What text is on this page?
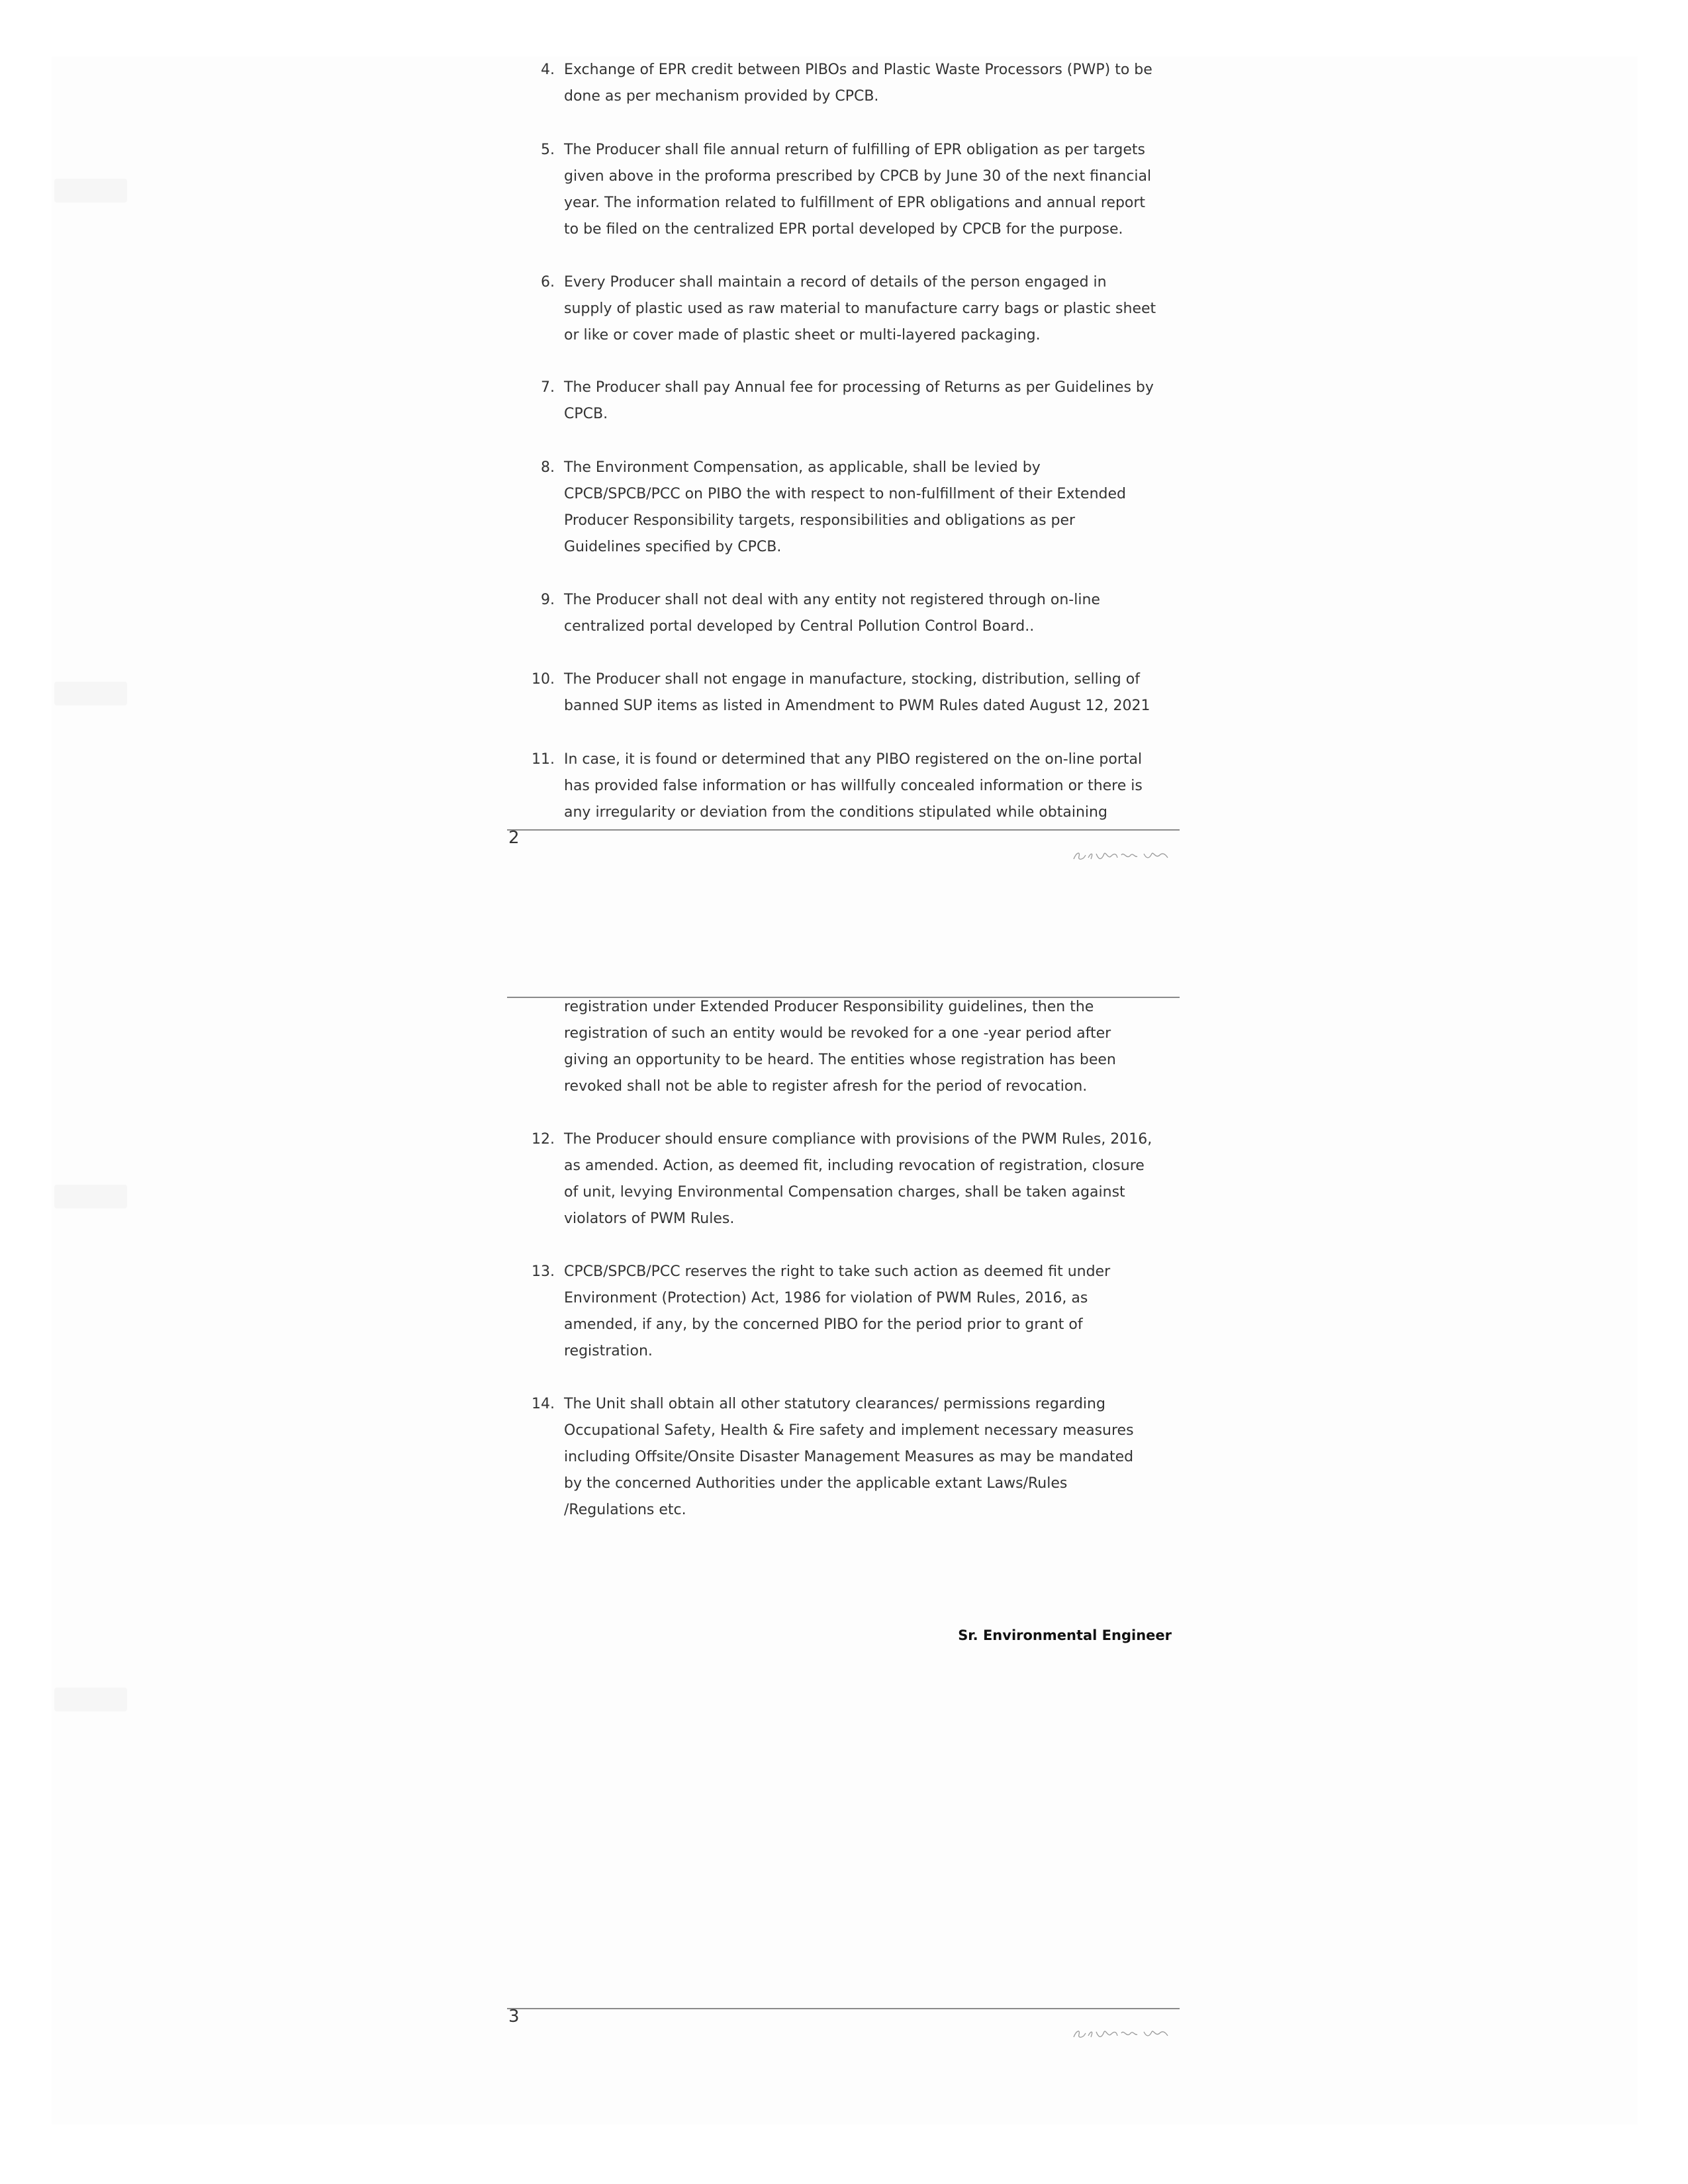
4. Exchange of EPR credit between PIBOs and Plastic Waste Processors (PWP) to be
done as per mechanism provided by CPCB.
5. The Producer shall file annual return of fulfilling of EPR obligation as per targets
given above in the proforma prescribed by CPCB by June 30 of the next financial
year. The information related to fulfillment of EPR obligations and annual report
to be filed on the centralized EPR portal developed by CPCB for the purpose.
6. Every Producer shall maintain a record of details of the person engaged in
supply of plastic used as raw material to manufacture carry bags or plastic sheet
or like or cover made of plastic sheet or multi-layered packaging.
7. The Producer shall pay Annual fee for processing of Returns as per Guidelines by
CPCB.
8. The Environment Compensation, as applicable, shall be levied by
CPCB/SPCB/PCC on PIBO the with respect to non-fulfillment of their Extended
Producer Responsibility targets, responsibilities and obligations as per
Guidelines specified by CPCB.
9. The Producer shall not deal with any entity not registered through on-line
centralized portal developed by Central Pollution Control Board..
10. The Producer shall not engage in manufacture, stocking, distribution, selling of
banned SUP items as listed in Amendment to PWM Rules dated August 12, 2021
11. In case, it is found or determined that any PIBO registered on the on-line portal
has provided false information or has willfully concealed information or there is
any irregularity or deviation from the conditions stipulated while obtaining
2
registration under Extended Producer Responsibility guidelines, then the
registration of such an entity would be revoked for a one -year period after
giving an opportunity to be heard. The entities whose registration has been
revoked shall not be able to register afresh for the period of revocation.
12. The Producer should ensure compliance with provisions of the PWM Rules, 2016,
as amended. Action, as deemed fit, including revocation of registration, closure
of unit, levying Environmental Compensation charges, shall be taken against
violators of PWM Rules.
13. CPCB/SPCB/PCC reserves the right to take such action as deemed fit under
Environment (Protection) Act, 1986 for violation of PWM Rules, 2016, as
amended, if any, by the concerned PIBO for the period prior to grant of
registration.
14. The Unit shall obtain all other statutory clearances/ permissions regarding
Occupational Safety, Health & Fire safety and implement necessary measures
including Offsite/Onsite Disaster Management Measures as may be mandated
by the concerned Authorities under the applicable extant Laws/Rules
/Regulations etc.
Sr. Environmental Engineer
3
